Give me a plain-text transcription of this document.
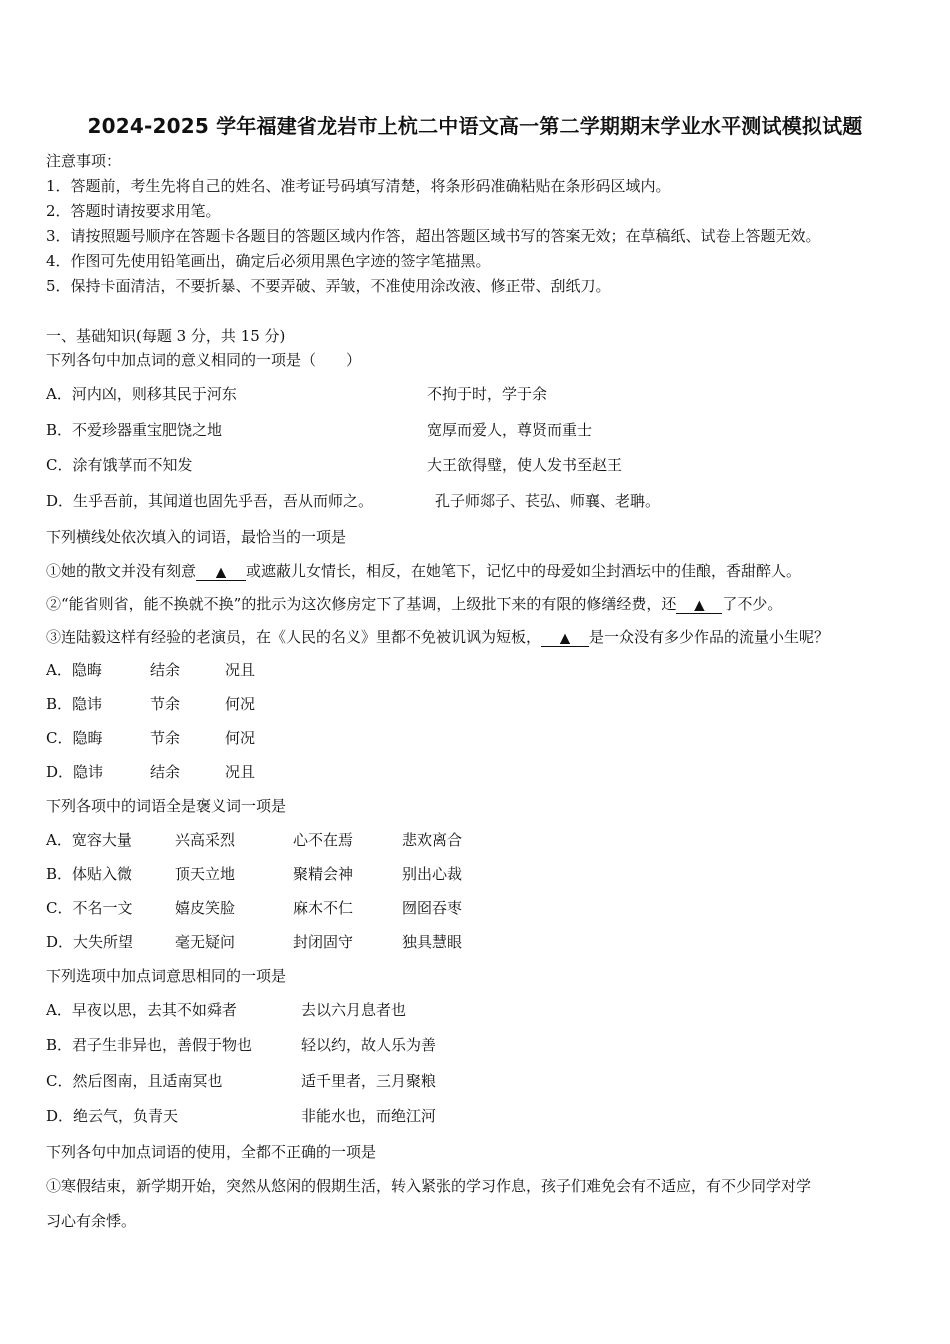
2024-2025 学年福建省龙岩市上杭二中语文高一第二学期期末学业水平测试模拟试题
注意事项：
1．答题前，考生先将自己的姓名、准考证号码填写清楚，将条形码准确粘贴在条形码区域内。
2．答题时请按要求用笔。
3．请按照题号顺序在答题卡各题目的答题区域内作答，超出答题区域书写的答案无效；在草稿纸、试卷上答题无效。
4．作图可先使用铅笔画出，确定后必须用黑色字迹的签字笔描黑。
5．保持卡面清洁，不要折暴、不要弄破、弄皱，不准使用涂改液、修正带、刮纸刀。
一、基础知识(每题 3 分，共 15 分)
下列各句中加点词的意义相同的一项是（　　）
A．河内凶，则移其民于河东	不拘于时，学于余
B．不爱珍器重宝肥饶之地	宽厚而爱人，尊贤而重士
C．涂有饿莩而不知发	大王欲得璧，使人发书至赵王
D．生乎吾前，其闻道也固先乎吾，吾从而师之。	孔子师郯子、苌弘、师襄、老聃。
下列横线处依次填入的词语，最恰当的一项是
①她的散文并没有刻意 ▲ 或遮蔽儿女情长，相反，在她笔下，记忆中的母爱如尘封酒坛中的佳酿，香甜醉人。
②“能省则省，能不换就不换”的批示为这次修房定下了基调，上级批下来的有限的修缮经费，还 ▲ 了不少。
③连陆毅这样有经验的老演员，在《人民的名义》里都不免被讥讽为短板， ▲ 是一众没有多少作品的流量小生呢？
A．隐晦	结余	况且
B．隐讳	节余	何况
C．隐晦	节余	何况
D．隐讳	结余	况且
下列各项中的词语全是褒义词一项是
A．宽容大量	兴高采烈	心不在焉	悲欢离合
B．体贴入微	顶天立地	聚精会神	别出心裁
C．不名一文	嬉皮笑脸	麻木不仁	囫囵吞枣
D．大失所望	毫无疑问	封闭固守	独具慧眼
下列选项中加点词意思相同的一项是
A．早夜以思，去其不如舜者	去以六月息者也
B．君子生非异也，善假于物也	轻以约，故人乐为善
C．然后图南，且适南冥也	适千里者，三月聚粮
D．绝云气，负青天	非能水也，而绝江河
下列各句中加点词语的使用，全都不正确的一项是
①寒假结束，新学期开始，突然从悠闲的假期生活，转入紧张的学习作息，孩子们难免会有不适应，有不少同学对学
习心有余悸。
